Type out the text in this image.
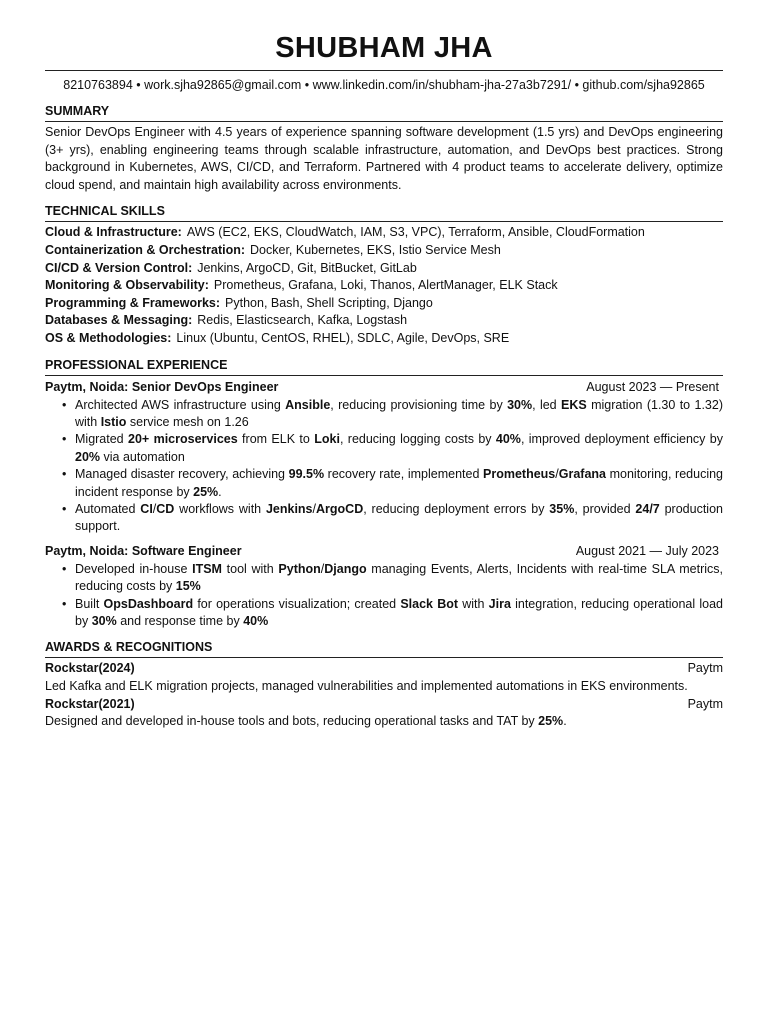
SHUBHAM JHA
8210763894 • work.sjha92865@gmail.com • www.linkedin.com/in/shubham-jha-27a3b7291/ • github.com/sjha92865
SUMMARY
Senior DevOps Engineer with 4.5 years of experience spanning software development (1.5 yrs) and DevOps engineering (3+ yrs), enabling engineering teams through scalable infrastructure, automation, and DevOps best practices. Strong background in Kubernetes, AWS, CI/CD, and Terraform. Partnered with 4 product teams to accelerate delivery, optimize cloud spend, and maintain high availability across environments.
TECHNICAL SKILLS
Cloud & Infrastructure: AWS (EC2, EKS, CloudWatch, IAM, S3, VPC), Terraform, Ansible, CloudFormation
Containerization & Orchestration: Docker, Kubernetes, EKS, Istio Service Mesh
CI/CD & Version Control: Jenkins, ArgoCD, Git, BitBucket, GitLab
Monitoring & Observability: Prometheus, Grafana, Loki, Thanos, AlertManager, ELK Stack
Programming & Frameworks: Python, Bash, Shell Scripting, Django
Databases & Messaging: Redis, Elasticsearch, Kafka, Logstash
OS & Methodologies: Linux (Ubuntu, CentOS, RHEL), SDLC, Agile, DevOps, SRE
PROFESSIONAL EXPERIENCE
Paytm, Noida: Senior DevOps Engineer	August 2023 — Present
• Architected AWS infrastructure using Ansible, reducing provisioning time by 30%, led EKS migration (1.30 to 1.32) with Istio service mesh on 1.26
• Migrated 20+ microservices from ELK to Loki, reducing logging costs by 40%, improved deployment efficiency by 20% via automation
• Managed disaster recovery, achieving 99.5% recovery rate, implemented Prometheus/Grafana monitoring, reducing incident response by 25%.
• Automated CI/CD workflows with Jenkins/ArgoCD, reducing deployment errors by 35%, provided 24/7 production support.
Paytm, Noida: Software Engineer	August 2021 — July 2023
• Developed in-house ITSM tool with Python/Django managing Events, Alerts, Incidents with real-time SLA metrics, reducing costs by 15%
• Built OpsDashboard for operations visualization; created Slack Bot with Jira integration, reducing operational load by 30% and response time by 40%
AWARDS & RECOGNITIONS
Rockstar(2024)	Paytm
Led Kafka and ELK migration projects, managed vulnerabilities and implemented automations in EKS environments.
Rockstar(2021)	Paytm
Designed and developed in-house tools and bots, reducing operational tasks and TAT by 25%.
